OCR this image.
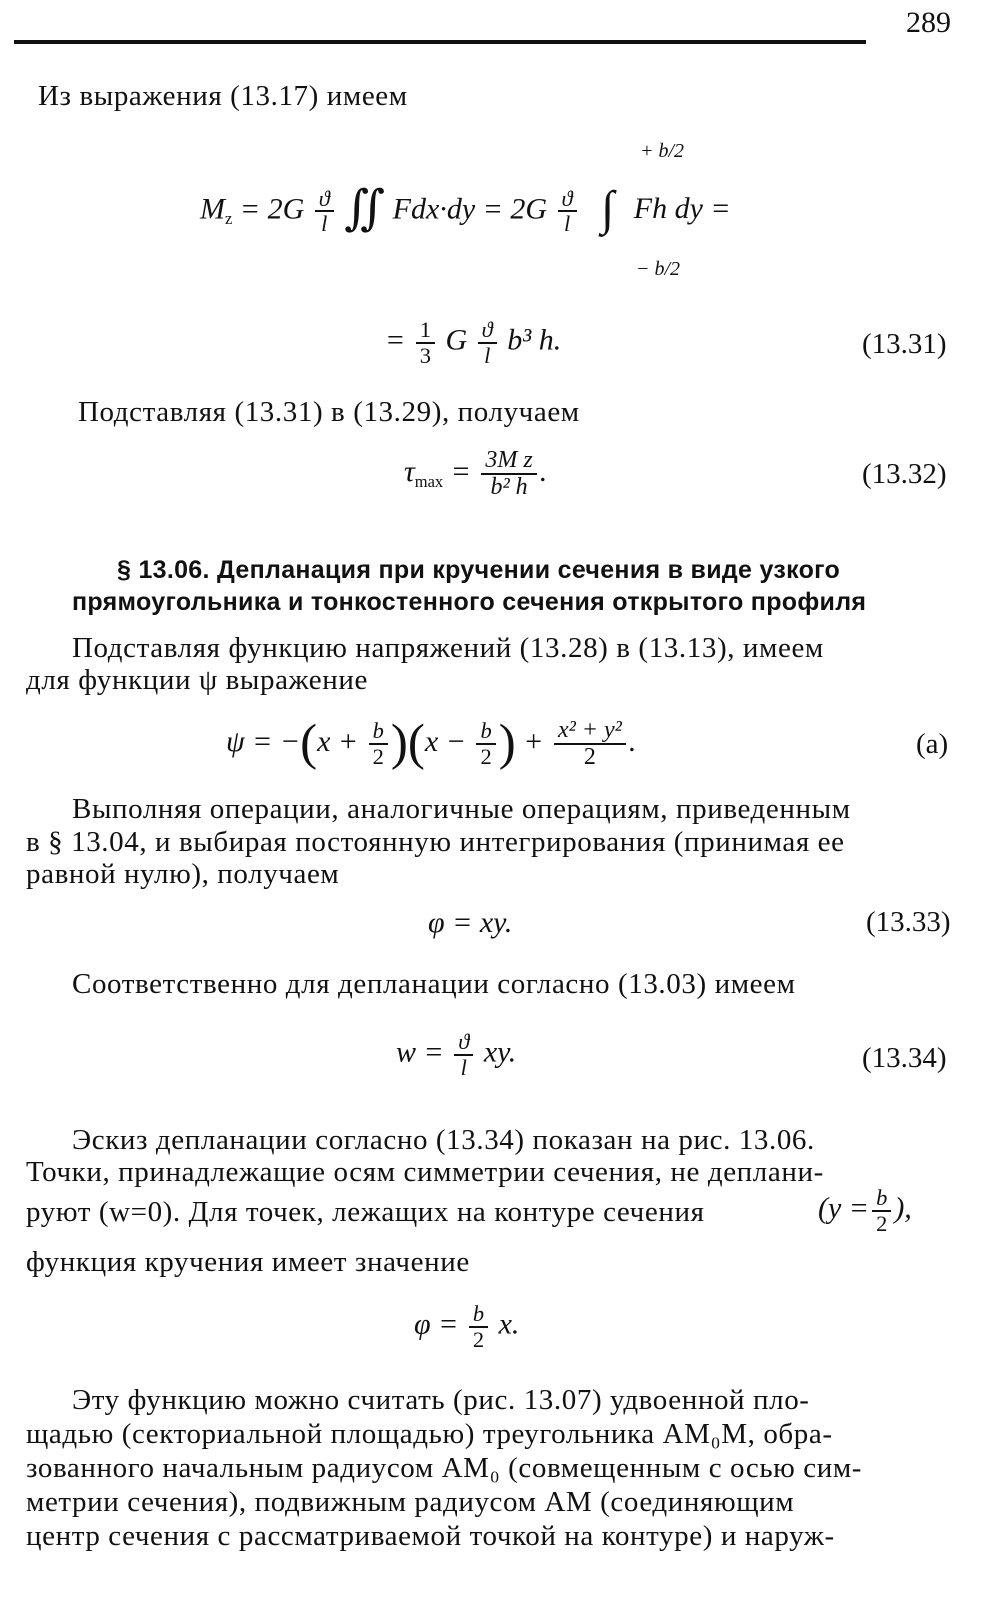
289
Из выражения (13.17) имеем
$M_z = 2G \frac{ϑ}{l}$ ∬ $Fdx\cdot dy = 2G \frac{ϑ}{l}$ ∫ Fh dy =
+ b/2
− b/2
= $\frac{1}{3}$ G $\frac{ϑ}{l} b^3$ h.	(13.31)
Подставляя (13.31) в (13.29), получаем
$\tau_{max} = \frac{\text{3M z}}{\text{b² h}}$ .	(13.32)
§ 13.06. Депланация при кручении сечения в виде узкого
прямоугольника и тонкостенного сечения открытого профиля
Подставляя функцию напряжений (13.28) в (13.13), имеем
для функции ψ выражение
$\psi = -(x + \frac{b}{2} )(x - \frac{b}{2}$ ) + $\frac{\text{x² + y²}}{2}$ .	(a)
Выполняя операции, аналогичные операциям, приведенным
в § 13.04, и выбирая постоянную интегрирования (принимая ее
равной нулю), получаем
φ = xy.	(13.33)
Соответственно для депланации согласно (13.03) имеем
$w = \frac{ϑ}{l}$ xy.	(13.34)
Эскиз депланации согласно (13.34) показан на рис. 13.06.
Точки, принадлежащие осям симметрии сечения, не деплани-
руют (w=0). Для точек, лежащих на контуре сечения	($y = \frac{b}{2}$ ),
функция кручения имеет значение
$\varphi = \frac{b}{2} x$.
Эту функцию можно считать (рис. 13.07) удвоенной пло-
щадью (секториальной площадью) треугольника AM₀M, обра-
зованного начальным радиусом AM₀ (совмещенным с осью сим-
метрии сечения), подвижным радиусом AM (соединяющим
центр сечения с рассматриваемой точкой на контуре) и наруж-
